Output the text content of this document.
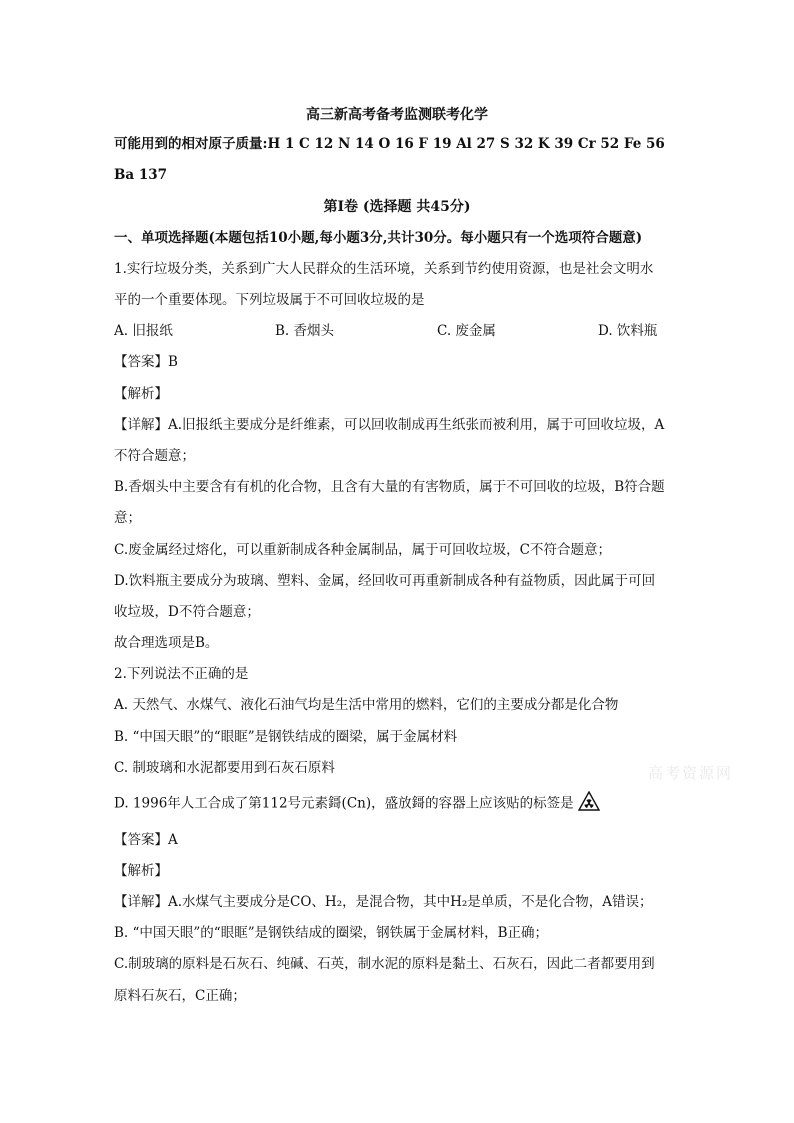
高三新高考备考监测联考化学
可能用到的相对原子质量:H 1 C 12 N 14 O 16 F 19 Al 27 S 32 K 39 Cr 52 Fe 56
Ba 137
第Ⅰ卷 (选择题 共45分)
一、单项选择题(本题包括10小题,每小题3分,共计30分。每小题只有一个选项符合题意)
1.实行垃圾分类，关系到广大人民群众的生活环境，关系到节约使用资源，也是社会文明水
平的一个重要体现。下列垃圾属于不可回收垃圾的是
A. 旧报纸	B. 香烟头	C. 废金属	D. 饮料瓶
【答案】B
【解析】
【详解】A.旧报纸主要成分是纤维素，可以回收制成再生纸张而被利用，属于可回收垃圾，A
不符合题意；
B.香烟头中主要含有有机的化合物，且含有大量的有害物质，属于不可回收的垃圾，B符合题
意；
C.废金属经过熔化，可以重新制成各种金属制品，属于可回收垃圾，C不符合题意；
D.饮料瓶主要成分为玻璃、塑料、金属，经回收可再重新制成各种有益物质，因此属于可回
收垃圾，D不符合题意；
故合理选项是B。
2.下列说法不正确的是
A. 天然气、水煤气、液化石油气均是生活中常用的燃料，它们的主要成分都是化合物
B. “中国天眼”的“眼眶”是钢铁结成的圈梁，属于金属材料
C. 制玻璃和水泥都要用到石灰石原料
D. 1996年人工合成了第112号元素鎶(Cn)，盛放鎶的容器上应该贴的标签是
【答案】A
【解析】
【详解】A.水煤气主要成分是CO、H₂，是混合物，其中H₂是单质，不是化合物，A错误；
B. “中国天眼”的“眼眶”是钢铁结成的圈梁，钢铁属于金属材料，B正确；
C.制玻璃的原料是石灰石、纯碱、石英，制水泥的原料是黏土、石灰石，因此二者都要用到
原料石灰石，C正确；
高考资源网
